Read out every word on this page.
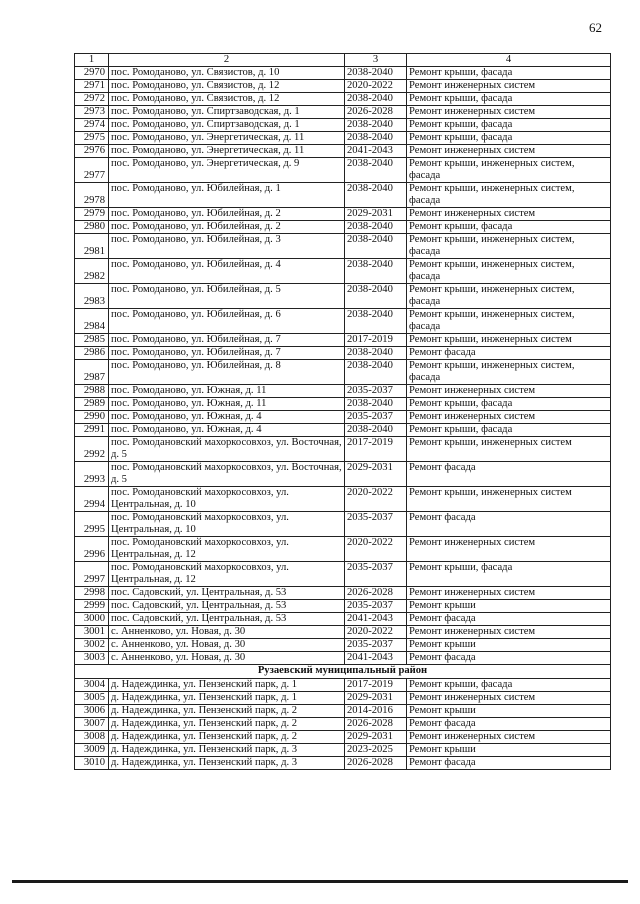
62
1	2	3	4
2970	пос. Ромоданово, ул. Связистов, д. 10	2038-2040	Ремонт крыши, фасада
2971	пос. Ромоданово, ул. Связистов, д. 12	2020-2022	Ремонт инженерных систем
2972	пос. Ромоданово, ул. Связистов, д. 12	2038-2040	Ремонт крыши, фасада
2973	пос. Ромоданово, ул. Спиртзаводская, д. 1	2026-2028	Ремонт инженерных систем
2974	пос. Ромоданово, ул. Спиртзаводская, д. 1	2038-2040	Ремонт крыши, фасада
2975	пос. Ромоданово, ул. Энергетическая, д. 11	2038-2040	Ремонт крыши, фасада
2976	пос. Ромоданово, ул. Энергетическая, д. 11	2041-2043	Ремонт инженерных систем
2977	пос. Ромоданово, ул. Энергетическая, д. 9	2038-2040	Ремонт крыши, инженерных систем, фасада
2978	пос. Ромоданово, ул. Юбилейная, д. 1	2038-2040	Ремонт крыши, инженерных систем, фасада
2979	пос. Ромоданово, ул. Юбилейная, д. 2	2029-2031	Ремонт инженерных систем
2980	пос. Ромоданово, ул. Юбилейная, д. 2	2038-2040	Ремонт крыши, фасада
2981	пос. Ромоданово, ул. Юбилейная, д. 3	2038-2040	Ремонт крыши, инженерных систем, фасада
2982	пос. Ромоданово, ул. Юбилейная, д. 4	2038-2040	Ремонт крыши, инженерных систем, фасада
2983	пос. Ромоданово, ул. Юбилейная, д. 5	2038-2040	Ремонт крыши, инженерных систем, фасада
2984	пос. Ромоданово, ул. Юбилейная, д. 6	2038-2040	Ремонт крыши, инженерных систем, фасада
2985	пос. Ромоданово, ул. Юбилейная, д. 7	2017-2019	Ремонт крыши, инженерных систем
2986	пос. Ромоданово, ул. Юбилейная, д. 7	2038-2040	Ремонт фасада
2987	пос. Ромоданово, ул. Юбилейная, д. 8	2038-2040	Ремонт крыши, инженерных систем, фасада
2988	пос. Ромоданово, ул. Южная, д. 11	2035-2037	Ремонт инженерных систем
2989	пос. Ромоданово, ул. Южная, д. 11	2038-2040	Ремонт крыши, фасада
2990	пос. Ромоданово, ул. Южная, д. 4	2035-2037	Ремонт инженерных систем
2991	пос. Ромоданово, ул. Южная, д. 4	2038-2040	Ремонт крыши, фасада
2992	пос. Ромодановский махоркосовхоз, ул. Восточная, д. 5	2017-2019	Ремонт крыши, инженерных систем
2993	пос. Ромодановский махоркосовхоз, ул. Восточная, д. 5	2029-2031	Ремонт фасада
2994	пос. Ромодановский махоркосовхоз, ул. Центральная, д. 10	2020-2022	Ремонт крыши, инженерных систем
2995	пос. Ромодановский махоркосовхоз, ул. Центральная, д. 10	2035-2037	Ремонт фасада
2996	пос. Ромодановский махоркосовхоз, ул. Центральная, д. 12	2020-2022	Ремонт инженерных систем
2997	пос. Ромодановский махоркосовхоз, ул. Центральная, д. 12	2035-2037	Ремонт крыши, фасада
2998	пос. Садовский, ул. Центральная, д. 53	2026-2028	Ремонт инженерных систем
2999	пос. Садовский, ул. Центральная, д. 53	2035-2037	Ремонт крыши
3000	пос. Садовский, ул. Центральная, д. 53	2041-2043	Ремонт фасада
3001	с. Анненково, ул. Новая, д. 30	2020-2022	Ремонт инженерных систем
3002	с. Анненково, ул. Новая, д. 30	2035-2037	Ремонт крыши
3003	с. Анненково, ул. Новая, д. 30	2041-2043	Ремонт фасада
Рузаевский муниципальный район			
3004	д. Надеждинка, ул. Пензенский парк, д. 1	2017-2019	Ремонт крыши, фасада
3005	д. Надеждинка, ул. Пензенский парк, д. 1	2029-2031	Ремонт инженерных систем
3006	д. Надеждинка, ул. Пензенский парк, д. 2	2014-2016	Ремонт крыши
3007	д. Надеждинка, ул. Пензенский парк, д. 2	2026-2028	Ремонт фасада
3008	д. Надеждинка, ул. Пензенский парк, д. 2	2029-2031	Ремонт инженерных систем
3009	д. Надеждинка, ул. Пензенский парк, д. 3	2023-2025	Ремонт крыши
3010	д. Надеждинка, ул. Пензенский парк, д. 3	2026-2028	Ремонт фасада
